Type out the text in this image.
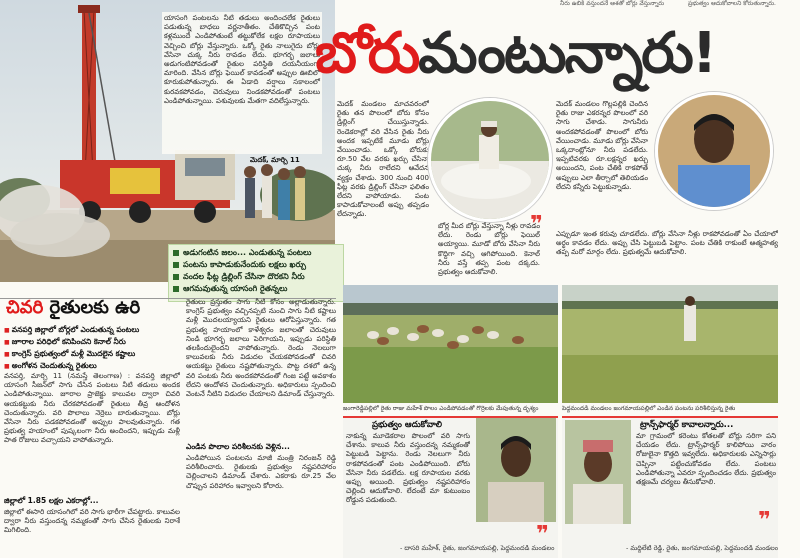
నీరు ఉబికి వస్తుందనే ఆశతో బోర్లు వేస్తున్నారు	ప్రభుత్వం ఆదుకోవాలని కోరుతున్నారు.
యాసంగి పంటలను నీటి తడులు అందించలేక రైతులు పడుతున్న బాధలు వర్ణనాతీతం. చేతికొచ్చిన పంట కళ్లముందే ఎండిపోతుంటే తట్టుకోలేక లక్షల రూపాయలు వెచ్చించి బోర్లు వేస్తున్నారు. ఒక్కో రైతు నాలుగైదు బోర్లు వేసినా చుక్క నీరు రావడం లేదు. భూగర్భ జలాలు అడుగంటిపోవడంతో రైతుల పరిస్థితి దయనీయంగా మారింది. వేసిన బోర్లు ఫెయిల్ కావడంతో అప్పుల ఊబిలో కూరుకుపోతున్నారు. ఈ ఏడాది వర్షాలు సకాలంలో కురవకపోవడం, చెరువులు నిండకపోవడంతో పంటలు ఎండిపోతున్నాయి. పశువులకు మేతగా వదిలేస్తున్నారు.
మెదక్, మార్చి 11
అడుగంటిన జలం... ఎండుతున్న పంటలు
పంటను కాపాడుకునేందుకు లక్షలు ఖర్చు
వందల ఫీట్ల డ్రిల్లింగ్ చేసినా దొరకని నీరు
ఆగమవుతున్న యాసంగి రైతన్నలు
బోరుమంటున్నారు!
మెదక్ మండలం మాచవరంలో రైతు తన పొలంలో బోరు కోసం డ్రిల్లింగ్ చేయిస్తున్నాడు. రెండెకరాల్లో వరి వేసిన రైతు నీరు అందక ఇప్పటికే మూడు బోర్లు వేయించాడు. ఒక్కో బోరుకు రూ.50 వేల వరకు ఖర్చు చేసినా చుక్క నీరు రాలేదని ఆవేదన వ్యక్తం చేశాడు. 300 నుంచి 400 ఫీట్ల వరకు డ్రిల్లింగ్ చేసినా ఫలితం లేదని వాపోయాడు. పంట కాపాడుకోవాలంటే అప్పు తప్పడం లేదన్నాడు.
బోర్ల మీద బోర్లు వేస్తున్నా నీళ్లు రావడం లేదు. రెండు బోర్లు ఫెయిల్ అయ్యాయి. మూడో బోరు వేసినా నీరు కొద్దిగా వచ్చి ఆగిపోయింది. కెనాల్ నీరు వస్తే తప్ప పంట దక్కదు. ప్రభుత్వం ఆదుకోవాలి.
మెదక్ మండలం గొల్లపల్లికి చెందిన రైతు రాజు ఎకరన్నర పొలంలో వరి సాగు చేశాడు. సాగునీరు అందకపోవడంతో పొలంలో బోరు వేయించాడు. మూడు బోర్లు వేసినా ఒక్కదాంట్లోనూ నీరు పడలేదు. ఇప్పటివరకు రూ.లక్షన్నర ఖర్చు అయిందని, పంట చేతికి రాకపోతే అప్పులు ఎలా తీర్చాలో తెలియడం లేదని కన్నీరు పెట్టుకున్నాడు.
ఎప్పుడూ ఇంత కరువు చూడలేదు. బోర్లు వేసినా నీళ్లు రాకపోవడంతో ఏం చేయాలో అర్థం కావడం లేదు. అప్పు చేసి పెట్టుబడి పెట్టాం. పంట చేతికి రాకుంటే ఆత్మహత్య తప్ప మరో మార్గం లేదు. ప్రభుత్వమే ఆదుకోవాలి.
❞
చివరి రైతులకు ఉరి
■ వనపర్తి జిల్లాలో బోర్లలో ఎండుతున్న పంటలు
■ జూరాల పరిధిలో కనిపించని కెనాల్ నీరు
■ కాంగ్రెస్ ప్రభుత్వంలో మళ్లీ మొదలైన కష్టాలు
■ అంగోళన చెందుతున్న రైతులు
వనపర్తి, మార్చి 11 (నమస్తే తెలంగాణ) : వనపర్తి జిల్లాలో యాసంగి సీజన్‌లో సాగు చేసిన పంటలు నీటి తడులు అందక ఎండిపోతున్నాయి. జూరాల ప్రాజెక్టు కాలువల ద్వారా చివరి ఆయకట్టుకు నీరు చేరకపోవడంతో రైతులు తీవ్ర ఆందోళన చెందుతున్నారు. వరి పొలాలు నెర్రెలు బారుతున్నాయి. బోర్లు వేసినా నీరు పడకపోవడంతో అప్పుల పాలవుతున్నారు. గత ప్రభుత్వ హయాంలో పుష్కలంగా నీరు అందిందని, ఇప్పుడు మళ్లీ పాత రోజులు వచ్చాయని వాపోతున్నారు.
జిల్లాలో 1.85 లక్షల ఎకరాల్లో...
జిల్లాలో ఈసారి యాసంగిలో వరి సాగు భారీగా చేపట్టారు. కాలువల ద్వారా నీరు వస్తుందన్న నమ్మకంతో సాగు చేసిన రైతులకు నిరాశే మిగిలింది.
రైతులు ప్రస్తుతం సాగు నీటి కోసం అల్లాడుతున్నారు. కాంగ్రెస్ ప్రభుత్వం వచ్చినప్పటి నుంచి సాగు నీటి కష్టాలు మళ్లీ మొదలయ్యాయని రైతులు ఆరోపిస్తున్నారు. గత ప్రభుత్వ హయాంలో కాళేశ్వరం జలాలతో చెరువులు నిండి భూగర్భ జలాలు పెరిగాయని, ఇప్పుడు పరిస్థితి తలకిందులైందని వాపోతున్నారు. రెండు నెలలుగా కాలువలకు నీరు విడుదల చేయకపోవడంతో చివరి ఆయకట్టు రైతులు నష్టపోతున్నారు. పొట్ట దశలో ఉన్న వరి పంటకు నీరు అందకపోవడంతో గింజ పట్టే అవకాశం లేదని ఆందోళన చెందుతున్నారు. అధికారులు స్పందించి వెంటనే నీటిని విడుదల చేయాలని డిమాండ్ చేస్తున్నారు.
ఎండిన పొలాల పరిశీలనకు వెళ్లిన...
ఎండిపోయిన పంటలను మాజీ మంత్రి నిరంజన్ రెడ్డి పరిశీలించారు. రైతులకు ప్రభుత్వం నష్టపరిహారం చెల్లించాలని డిమాండ్ చేశారు. ఎకరాకు రూ.25 వేల చొప్పున పరిహారం ఇవ్వాలని కోరారు.
జంగారెడ్డిపల్లిలో రైతు రాజు మహేశ్ పొలం ఎండిపోవడంతో గొర్రెలకు మేపుతున్న దృశ్యం	పెద్దమందడి మండలం జంగమాయపల్లిలో ఎండిన పంటను పరిశీలిస్తున్న రైతు
ప్రభుత్వం ఆదుకోవాలి
నాకున్న మూడెకరాల పొలంలో వరి సాగు చేశాను. కాలువ నీరు వస్తుందన్న నమ్మకంతో పెట్టుబడి పెట్టాను. రెండు నెలలుగా నీరు రాకపోవడంతో పంట ఎండిపోయింది. బోరు వేసినా నీరు పడలేదు. లక్ష రూపాయల వరకు అప్పు అయింది. ప్రభుత్వం నష్టపరిహారం చెల్లించి ఆదుకోవాలి. లేదంటే మా కుటుంబం రోడ్డున పడుతుంది.
❞
- దాసరి మహేశ్, రైతు, జంగమాయపల్లి, పెద్దమందడి మండలం
ట్రాన్స్‌ఫార్మర్ కావాలన్నారు...
మా గ్రామంలో కరెంటు కోతలతో బోర్లు సరిగా పని చేయడం లేదు. ట్రాన్స్‌ఫార్మర్ కాలిపోయి వారం రోజులైనా కొత్తది ఇవ్వలేదు. అధికారులకు ఎన్నిసార్లు చెప్పినా పట్టించుకోవడం లేదు. పంటలు ఎండిపోతున్నా ఎవరూ స్పందించడం లేదు. ప్రభుత్వం తక్షణమే చర్యలు తీసుకోవాలి.
❞
- మద్దిలేటి రెడ్డి, రైతు, జంగమాయపల్లి, పెద్దమందడి మండలం
